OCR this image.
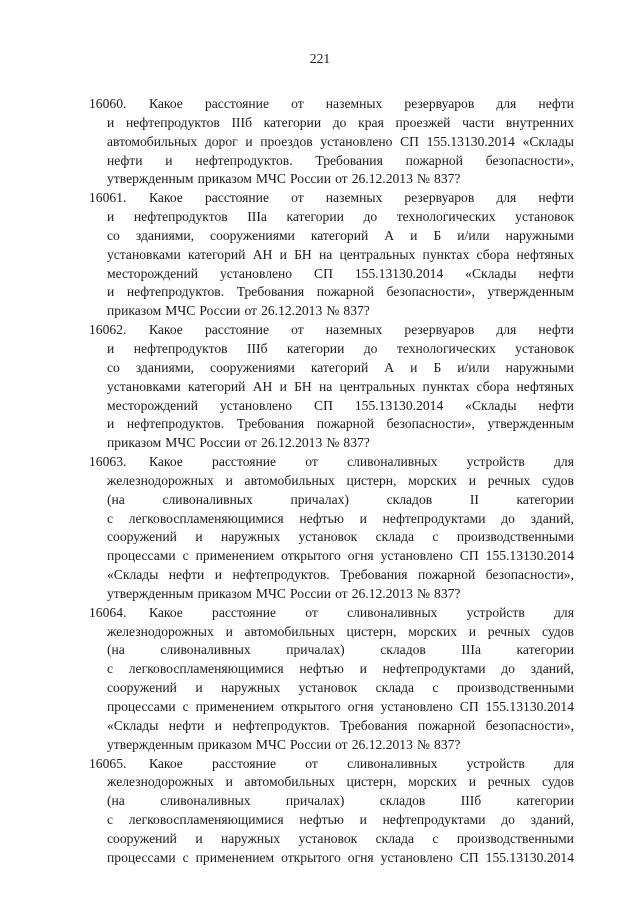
221
16060.	Какое расстояние от наземных резервуаров для нефти
и нефтепродуктов IIIб категории до края проезжей части внутренних
автомобильных дорог и проездов установлено СП 155.13130.2014 «Склады
нефти и нефтепродуктов. Требования пожарной безопасности»,
утвержденным приказом МЧС России от 26.12.2013 № 837?
16061.	Какое расстояние от наземных резервуаров для нефти
и нефтепродуктов IIIа категории до технологических установок
со зданиями, сооружениями категорий А и Б и/или наружными
установками категорий АН и БН на центральных пунктах сбора нефтяных
месторождений установлено СП 155.13130.2014 «Склады нефти
и нефтепродуктов. Требования пожарной безопасности», утвержденным
приказом МЧС России от 26.12.2013 № 837?
16062.	Какое расстояние от наземных резервуаров для нефти
и нефтепродуктов IIIб категории до технологических установок
со зданиями, сооружениями категорий А и Б и/или наружными
установками категорий АН и БН на центральных пунктах сбора нефтяных
месторождений установлено СП 155.13130.2014 «Склады нефти
и нефтепродуктов. Требования пожарной безопасности», утвержденным
приказом МЧС России от 26.12.2013 № 837?
16063.	Какое расстояние от сливоналивных устройств для
железнодорожных и автомобильных цистерн, морских и речных судов
(на	сливоналивных	причалах)	складов	II	категории
с легковоспламеняющимися нефтью и нефтепродуктами до зданий,
сооружений и наружных установок склада с производственными
процессами с применением открытого огня установлено СП 155.13130.2014
«Склады нефти и нефтепродуктов. Требования пожарной безопасности»,
утвержденным приказом МЧС России от 26.12.2013 № 837?
16064.	Какое расстояние от сливоналивных устройств для
железнодорожных и автомобильных цистерн, морских и речных судов
(на	сливоналивных	причалах)	складов	IIIа	категории
с легковоспламеняющимися нефтью и нефтепродуктами до зданий,
сооружений и наружных установок склада с производственными
процессами с применением открытого огня установлено СП 155.13130.2014
«Склады нефти и нефтепродуктов. Требования пожарной безопасности»,
утвержденным приказом МЧС России от 26.12.2013 № 837?
16065.	Какое расстояние от сливоналивных устройств для
железнодорожных и автомобильных цистерн, морских и речных судов
(на	сливоналивных	причалах)	складов	IIIб	категории
с легковоспламеняющимися нефтью и нефтепродуктами до зданий,
сооружений и наружных установок склада с производственными
процессами с применением открытого огня установлено СП 155.13130.2014
